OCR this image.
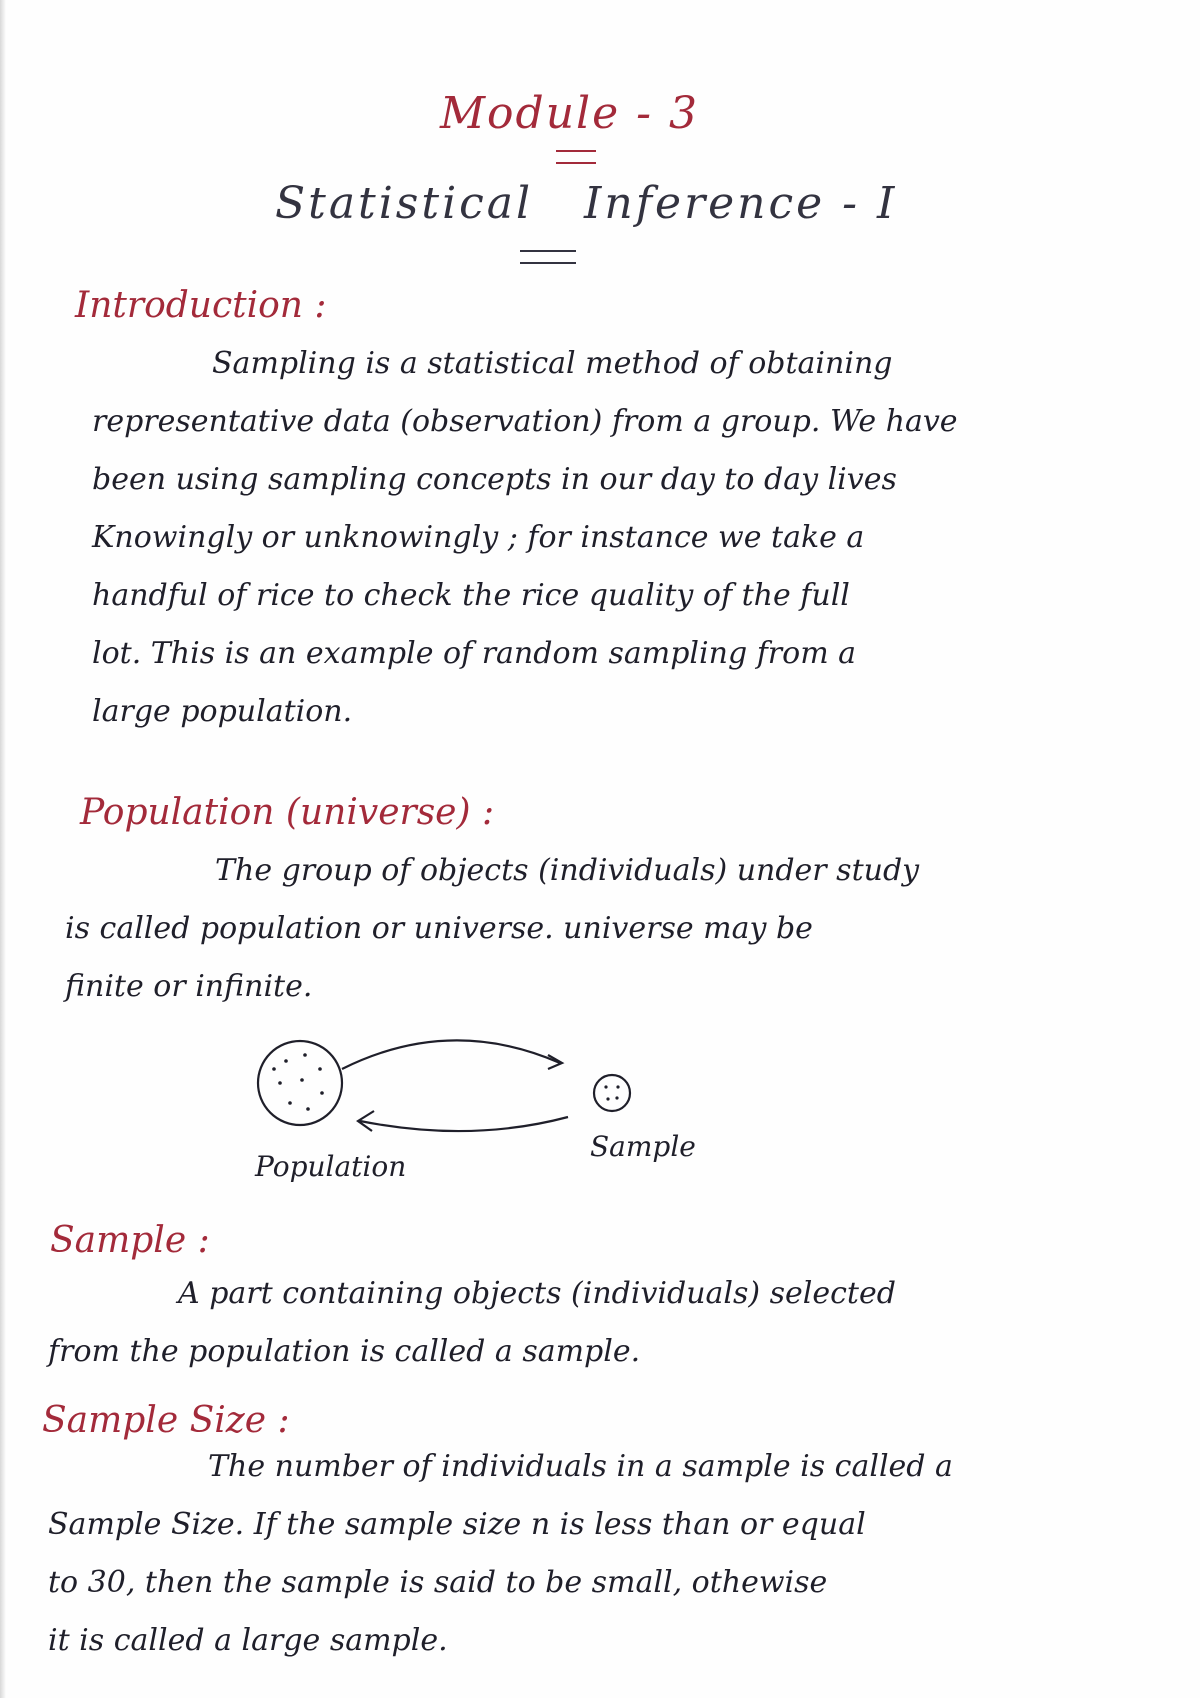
Module - 3
Statistical   Inference - I
Introduction :
Sampling is a statistical method of obtaining
representative data (observation) from a group. We have
been using sampling concepts in our day to day lives
Knowingly or unknowingly ; for instance we take a
handful of rice to check the rice quality of the full
lot. This is an example of random sampling from a
large population.
Population (universe) :
The group of objects (individuals) under study
is called population or universe. universe may be
finite or infinite.
Population
Sample
Sample :
A part containing objects (individuals) selected
from the population is called a sample.
Sample Size :
The number of individuals in a sample is called a
Sample Size. If the sample size n is less than or equal
to 30, then the sample is said to be small, othewise
it is called a large sample.
